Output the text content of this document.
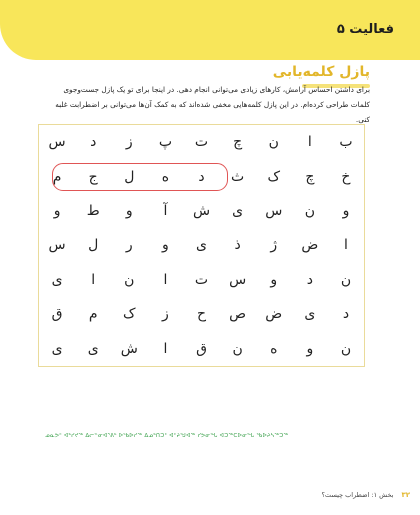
فعالیت ۵
پازل کلمه‌یابی
برای داشتن احساس آرامش، کارهای زیادی می‌توانی انجام دهی. در اینجا برای تو یک پازل جست‌وجوی کلمات طراحی کرده‌ام. در این پازل کلمه‌هایی مخفی شده‌اند که به کمک آن‌ها می‌توانی بر اضطرابت غلبه کنی.
ب
ا
ن
چ
ت
پ
ز
د
س
خ
چ
ک
ث
د
ه
ل
ج
م
و
ن
س
ی
ش
آ
و
ط
و
ا
ض
ژ
ذ
ی
و
ر
ل
س
ن
د
و
س
ت
ا
ن
ا
ی
د
ی
ض
ص
ح
ز
ک
م
ق
ن
و
ه
ن
ق
ا
ش
ی
ی
ᓄᓇᕗᑦ ᐊᒃᓯᔪᖅ ᐃᓕᓐᓂᐊᕐᕕᒃ ᐅᖃᐅᓯᖅ ᐃᓄᒃᑎᑐᑦ ᐊᑦᔨᖑᐊᖅ ᓯᕗᓂᖓ ᐊᑐᖅᑕᐅᓂᖓ ᖃᐅᔨᓴᖅᑐᖅ
بخش ۱: اضطراب چیست؟ ۳۲
